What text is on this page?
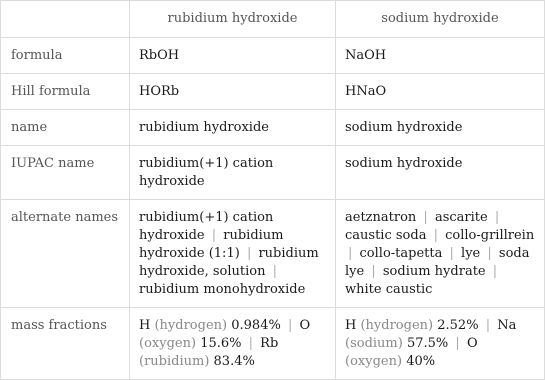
	rubidium hydroxide	sodium hydroxide
formula	RbOH	NaOH
Hill formula	HORb	HNaO
name	rubidium hydroxide	sodium hydroxide
IUPAC name	rubidium(+1) cation hydroxide	sodium hydroxide
alternate names	rubidium(+1) cation hydroxide | rubidium hydroxide (1:1) | rubidium hydroxide, solution | rubidium monohydroxide	aetznatron | ascarite | caustic soda | collo-grillrein | collo-tapetta | lye | soda lye | sodium hydrate | white caustic
mass fractions	H (hydrogen) 0.984% | O (oxygen) 15.6% | Rb (rubidium) 83.4%	H (hydrogen) 2.52% | Na (sodium) 57.5% | O (oxygen) 40%
